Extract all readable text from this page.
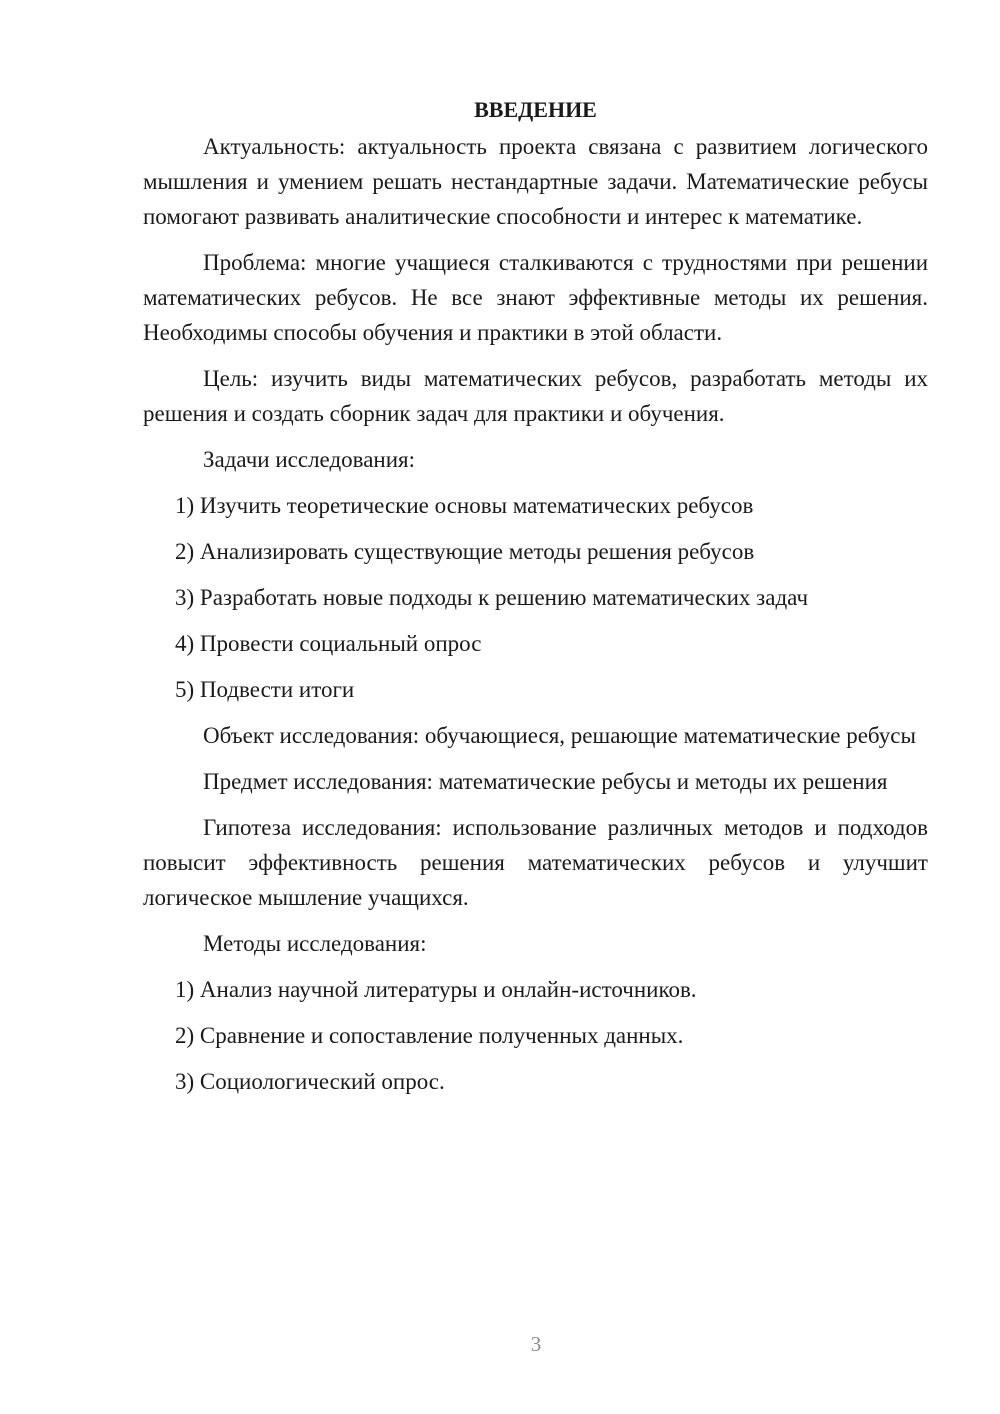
ВВЕДЕНИЕ

Актуальность: актуальность проекта связана с развитием логического мышления и умением решать нестандартные задачи. Математические ребусы помогают развивать аналитические способности и интерес к математике.

Проблема: многие учащиеся сталкиваются с трудностями при решении математических ребусов. Не все знают эффективные методы их решения. Необходимы способы обучения и практики в этой области.

Цель: изучить виды математических ребусов, разработать методы их решения и создать сборник задач для практики и обучения.

Задачи исследования:

1) Изучить теоретические основы математических ребусов

2) Анализировать существующие методы решения ребусов

3) Разработать новые подходы к решению математических задач

4) Провести социальный опрос

5) Подвести итоги

Объект исследования: обучающиеся, решающие математические ребусы

Предмет исследования: математические ребусы и методы их решения

Гипотеза исследования: использование различных методов и подходов повысит эффективность решения математических ребусов и улучшит логическое мышление учащихся.

Методы исследования:

1) Анализ научной литературы и онлайн-источников.

2) Сравнение и сопоставление полученных данных.

3) Социологический опрос.

3
